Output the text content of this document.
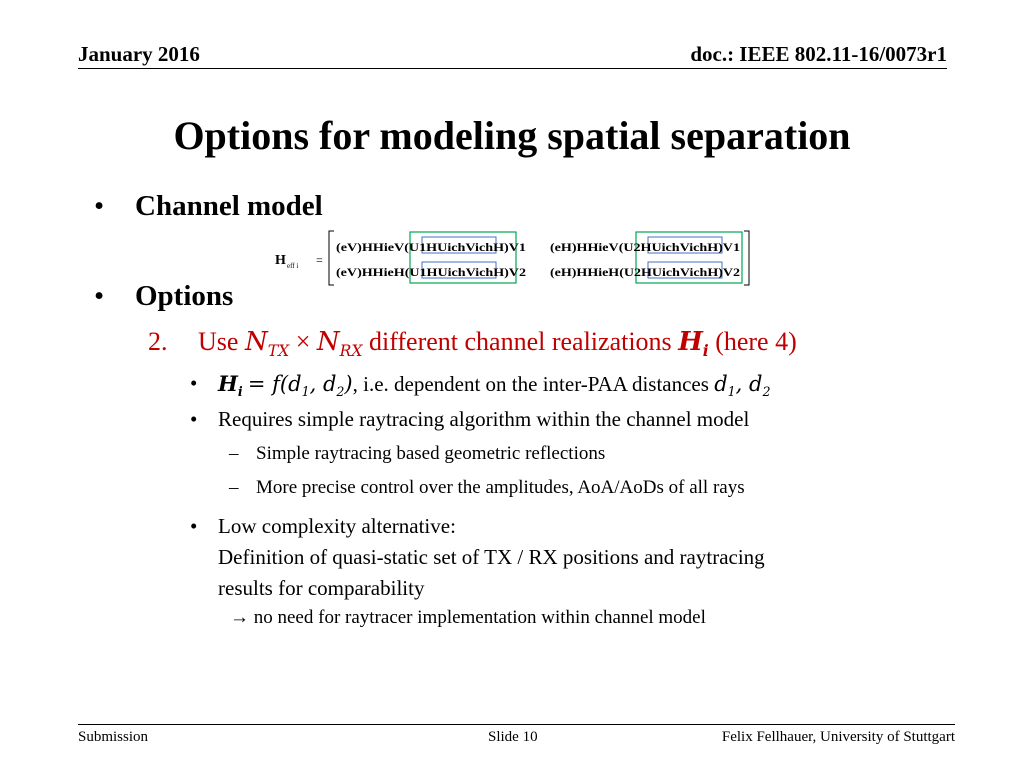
January 2016	doc.: IEEE 802.11-16/0073r1
Options for modeling spatial separation
•	Channel model
H eff i =
(eV)HHieV(U1HUichVichH)V1 (eH)HHieV(U2HUichVichH)V1
(eV)HHieH(U1HUichVichH)V2 (eH)HHieH(U2HUichVichH)V2
•	Options
2.	Use $N_{TX} \times N_{RX}$ different channel realizations $H_i$ (here 4)
• $H_i = f(d_1$, $d_2$), i.e. dependent on the inter-PAA distances $d_1$, $d_2$
• Requires simple raytracing algorithm within the channel model
– Simple raytracing based geometric reflections
– More precise control over the amplitudes, AoA/AoDs of all rays
• Low complexity alternative:
Definition of quasi-static set of TX / RX positions and raytracing
results for comparability
→ no need for raytracer implementation within channel model
Submission	Slide 10	Felix Fellhauer, University of Stuttgart
